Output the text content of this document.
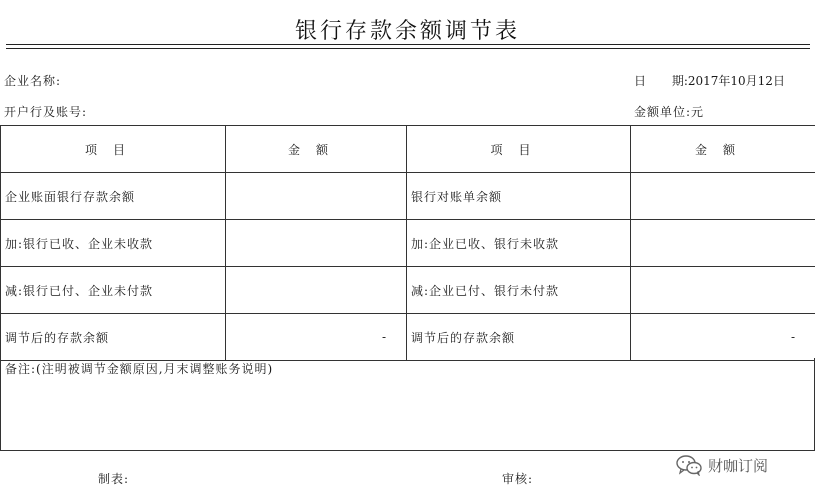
银行存款余额调节表
企业名称:	日 期:2017年10月12日
开户行及账号:	金额单位:元
项目	金额	项目	金额
企业账面银行存款余额		银行对账单余额	
加:银行已收、企业未收款		加:企业已收、银行未收款	
减:银行已付、企业未付款		减:企业已付、银行未付款	
调节后的存款余额	-	调节后的存款余额	-
备注:(注明被调节金额原因,月末调整账务说明)
制表:	审核:
财咖订阅
